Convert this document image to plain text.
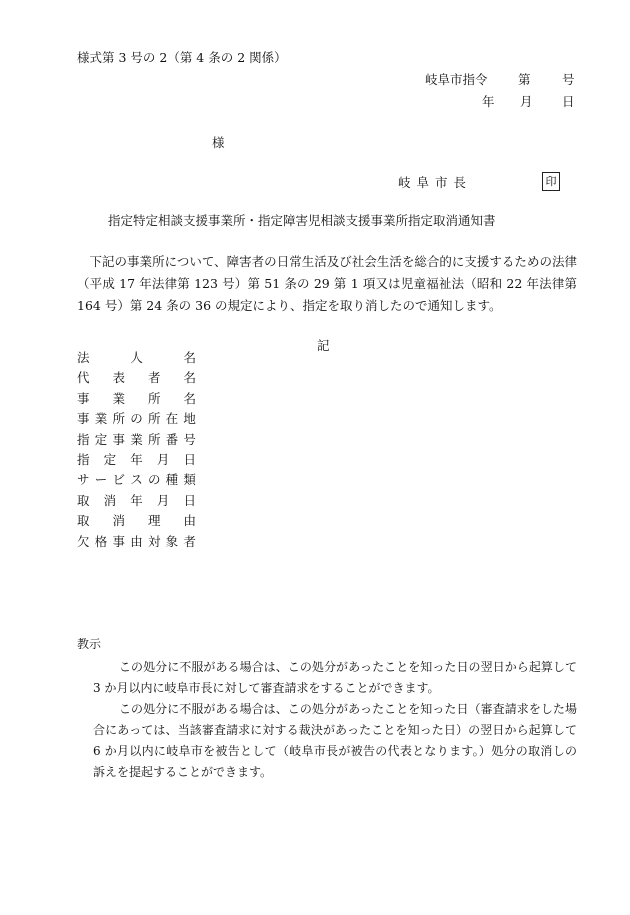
様式第 3 号の 2（第 4 条の 2 関係）
岐阜市指令 第	号
年 月 日
様
岐 阜 市 長	印
指定特定相談支援事業所・指定障害児相談支援事業所指定取消通知書
下記の事業所について、障害者の日常生活及び社会生活を総合的に支援するための法律（平成 17 年法律第 123 号）第 51 条の 29 第 1 項又は児童福祉法（昭和 22 年法律第 164 号）第 24 条の 36 の規定により、指定を取り消したので通知します。
記
法	人	名
代 表 者 名
事 業 所 名
事 業 所 の 所 在 地
指 定 事 業 所 番 号
指 定 年 月 日
サ ー ビ ス の 種 類
取 消 年 月 日
取 消 理 由
欠 格 事 由 対 象 者
教示

この処分に不服がある場合は、この処分があったことを知った日の翌日から起算して 3 か月以内に岐阜市長に対して審査請求をすることができます。

この処分に不服がある場合は、この処分があったことを知った日（審査請求をした場合にあっては、当該審査請求に対する裁決があったことを知った日）の翌日から起算して 6 か月以内に岐阜市を被告として（岐阜市長が被告の代表となります。）処分の取消しの訴えを提起することができます。
